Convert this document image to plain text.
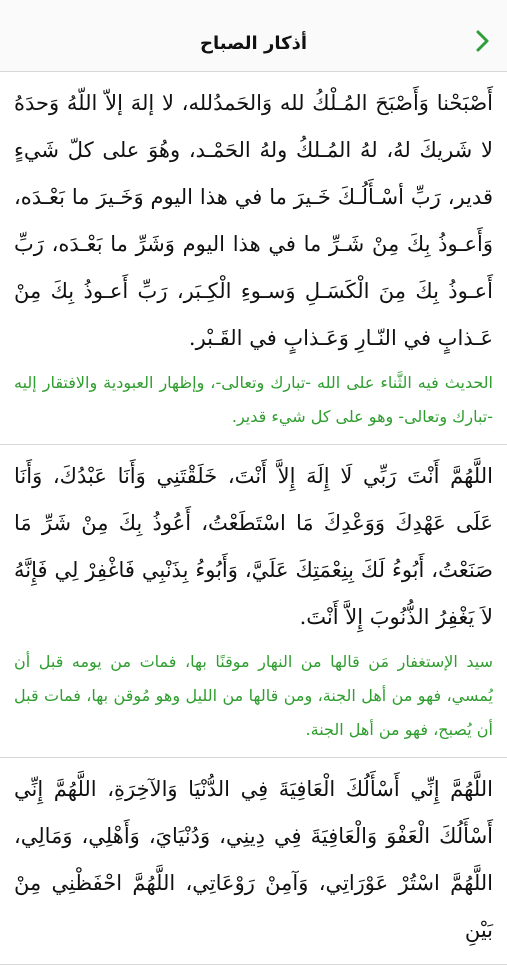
أذكار الصباح

أَصْبَحْنا وَأَصْبَحَ المُـلْكُ لله وَالحَمدُلله، لا إلهَ إلاّ اللّهُ وَحدَهُ لا شَريكَ لهُ، لهُ المُـلكُ ولهُ الحَمْـد، وهُوَ على كلّ شَيءٍ قدير، رَبِّ أسْـأَلُـكَ خَـيرَ ما في هذا اليوم وَخَـيرَ ما بَعْـدَه، وَأَعـوذُ بِكَ مِنْ شَـرِّ ما في هذا اليوم وَشَرِّ ما بَعْـدَه، رَبِّ أَعـوذُ بِكَ مِنَ الْكَسَـلِ وَسـوءِ الْكِـبَر، رَبِّ أَعـوذُ بِكَ مِنْ عَـذابٍ في النّـارِ وَعَـذابٍ في القَـبْر.

الحديث فيه الثَّناء على الله -تبارك وتعالى-، وإظهار العبودية والافتقار إليه -تبارك وتعالى- وهو على كل شيء قدير.

اللَّهُمَّ أَنْتَ رَبِّي لَا إِلَهَ إِلاَّ أَنْتَ، خَلَقْتَنِي وَأَنَا عَبْدُكَ، وَأَنَا عَلَى عَهْدِكَ وَوَعْدِكَ مَا اسْتَطَعْتُ، أَعُوذُ بِكَ مِنْ شَرِّ مَا صَنَعْتُ، أَبُوءُ لَكَ بِنِعْمَتِكَ عَلَيَّ، وَأَبُوءُ بِذَنْبِي فَاغْفِرْ لِي فَإِنَّهُ لاَ يَغْفِرُ الذُّنُوبَ إِلاَّ أَنْتَ.

سيد الإستغفار مَن قالها من النهار موقنًا بها، فمات من يومه قبل أن يُمسي، فهو من أهل الجنة، ومن قالها من الليل وهو مُوقن بها، فمات قبل أن يُصبح، فهو من أهل الجنة.

اللَّهُمَّ إِنِّي أَسْأَلُكَ الْعَافِيَةَ فِي الدُّنْيَا وَالآخِرَةِ، اللَّهُمَّ إِنِّي أَسْأَلُكَ الْعَفْوَ وَالْعَافِيَةَ فِي دِينِي، وَدُنْيَايَ، وَأَهْلِي، وَمَالِي، اللَّهُمَّ اسْتُرْ عَوْرَاتِي، وَآمِنْ رَوْعَاتِي، اللَّهُمَّ احْفَظْنِي مِنْ بَيْنِ
